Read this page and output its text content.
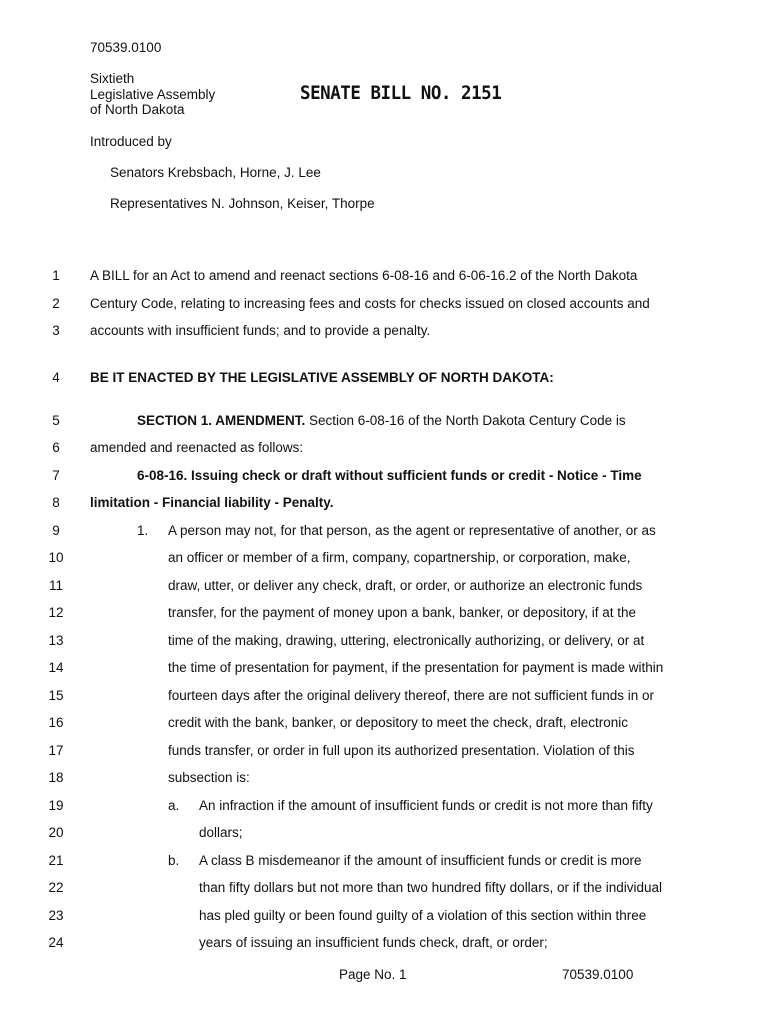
70539.0100
Sixtieth
Legislative Assembly
of North Dakota
SENATE BILL NO. 2151
Introduced by
Senators Krebsbach, Horne, J. Lee
Representatives N. Johnson, Keiser, Thorpe
1	A BILL for an Act to amend and reenact sections 6-08-16 and 6-06-16.2 of the North Dakota
2	Century Code, relating to increasing fees and costs for checks issued on closed accounts and
3	accounts with insufficient funds; and to provide a penalty.
4	BE IT ENACTED BY THE LEGISLATIVE ASSEMBLY OF NORTH DAKOTA:
5	SECTION 1. AMENDMENT. Section 6-08-16 of the North Dakota Century Code is
6	amended and reenacted as follows:
7	6-08-16. Issuing check or draft without sufficient funds or credit - Notice - Time
8	limitation - Financial liability - Penalty.
9	1. A person may not, for that person, as the agent or representative of another, or as
10	an officer or member of a firm, company, copartnership, or corporation, make,
11	draw, utter, or deliver any check, draft, or order, or authorize an electronic funds
12	transfer, for the payment of money upon a bank, banker, or depository, if at the
13	time of the making, drawing, uttering, electronically authorizing, or delivery, or at
14	the time of presentation for payment, if the presentation for payment is made within
15	fourteen days after the original delivery thereof, there are not sufficient funds in or
16	credit with the bank, banker, or depository to meet the check, draft, electronic
17	funds transfer, or order in full upon its authorized presentation. Violation of this
18	subsection is:
19	a. An infraction if the amount of insufficient funds or credit is not more than fifty
20	dollars;
21	b. A class B misdemeanor if the amount of insufficient funds or credit is more
22	than fifty dollars but not more than two hundred fifty dollars, or if the individual
23	has pled guilty or been found guilty of a violation of this section within three
24	years of issuing an insufficient funds check, draft, or order;
Page No. 1	70539.0100
